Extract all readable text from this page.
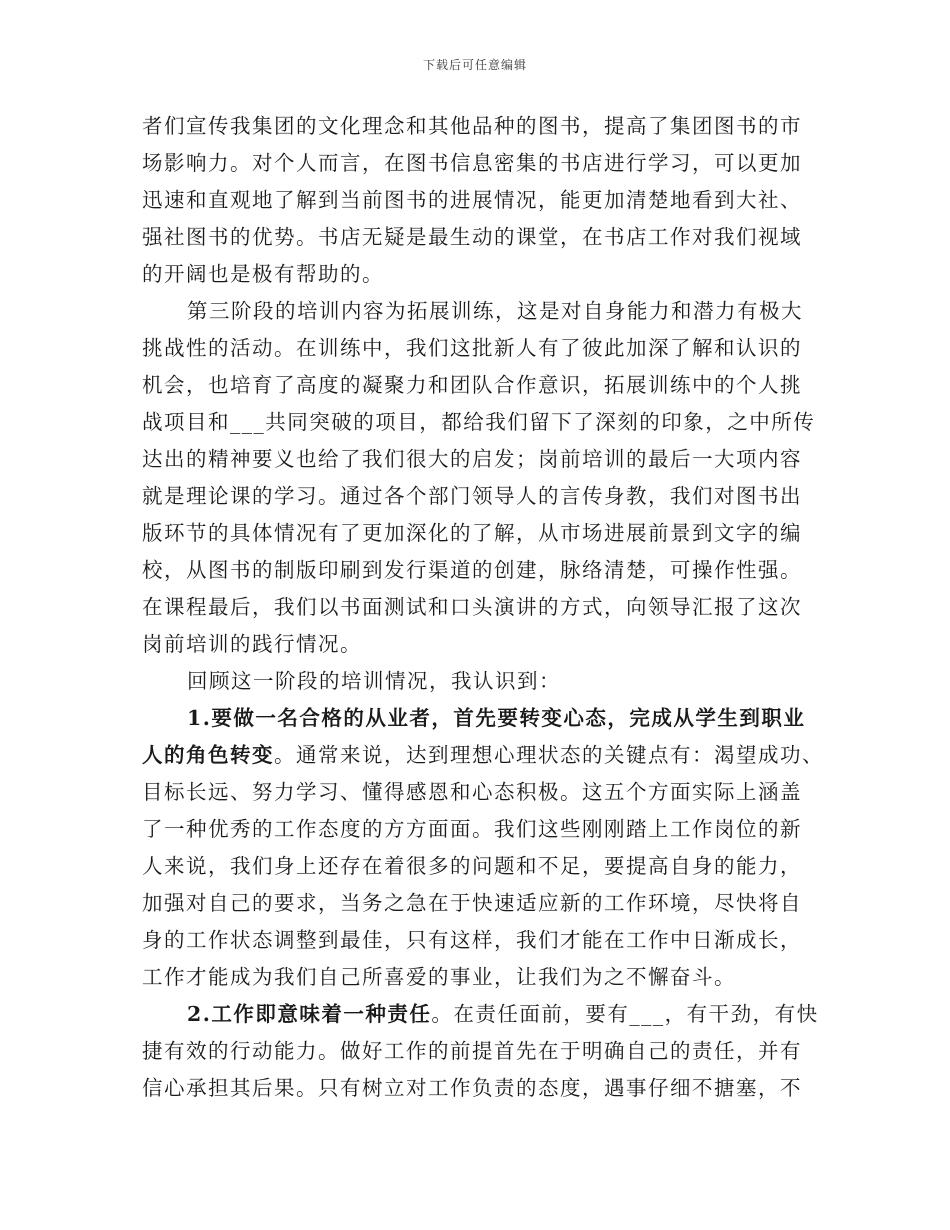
下载后可任意编辑
者们宣传我集团的文化理念和其他品种的图书，提高了集团图书的市
场影响力。对个人而言，在图书信息密集的书店进行学习，可以更加
迅速和直观地了解到当前图书的进展情况，能更加清楚地看到大社、
强社图书的优势。书店无疑是最生动的课堂，在书店工作对我们视域
的开阔也是极有帮助的。
第三阶段的培训内容为拓展训练，这是对自身能力和潜力有极大
挑战性的活动。在训练中，我们这批新人有了彼此加深了解和认识的
机会，也培育了高度的凝聚力和团队合作意识，拓展训练中的个人挑
战项目和___共同突破的项目，都给我们留下了深刻的印象，之中所传
达出的精神要义也给了我们很大的启发；岗前培训的最后一大项内容
就是理论课的学习。通过各个部门领导人的言传身教，我们对图书出
版环节的具体情况有了更加深化的了解，从市场进展前景到文字的编
校，从图书的制版印刷到发行渠道的创建，脉络清楚，可操作性强。
在课程最后，我们以书面测试和口头演讲的方式，向领导汇报了这次
岗前培训的践行情况。
回顾这一阶段的培训情况，我认识到：
1.要做一名合格的从业者，首先要转变心态，完成从学生到职业
人的角色转变。通常来说，达到理想心理状态的关键点有：渴望成功、
目标长远、努力学习、懂得感恩和心态积极。这五个方面实际上涵盖
了一种优秀的工作态度的方方面面。我们这些刚刚踏上工作岗位的新
人来说，我们身上还存在着很多的问题和不足，要提高自身的能力，
加强对自己的要求，当务之急在于快速适应新的工作环境，尽快将自
身的工作状态调整到最佳，只有这样，我们才能在工作中日渐成长，
工作才能成为我们自己所喜爱的事业，让我们为之不懈奋斗。
2.工作即意味着一种责任。在责任面前，要有___，有干劲，有快
捷有效的行动能力。做好工作的前提首先在于明确自己的责任，并有
信心承担其后果。只有树立对工作负责的态度，遇事仔细不搪塞，不
